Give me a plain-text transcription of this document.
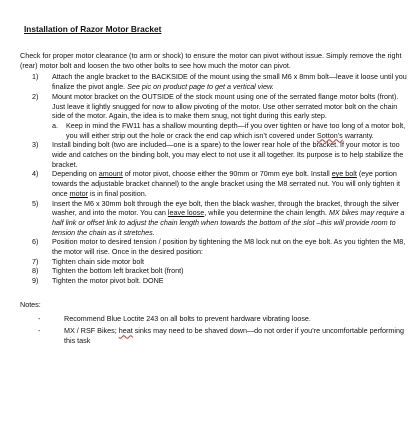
Installation of Razor Motor Bracket
Check for proper motor clearance (to arm or shock) to ensure the motor can pivot without issue. Simply remove the right (rear) motor bolt and loosen the two other bolts to see how much the motor can pivot.
1) Attach the angle bracket to the BACKSIDE of the mount using the small M6 x 8mm bolt—leave it loose until you finalize the pivot angle. See pic on product page to get a vertical view.
2) Mount motor bracket on the OUTSIDE of the stock mount using one of the serrated flange motor bolts (front). Just leave it lightly snugged for now to allow pivoting of the motor. Use other serrated motor bolt on the chain side of the motor. Again, the idea is to make them snug, not tight during this early step.
a. Keep in mind the FW11 has a shallow mounting depth—if you over tighten or have too long of a motor bolt, you will either strip out the hole or crack the end cap which isn’t covered under Sotton’s warranty.
3) Install binding bolt (two are included—one is a spare) to the lower rear hole of the bracket. If your motor is too wide and catches on the binding bolt, you may elect to not use it all together. Its purpose is to help stabilize the bracket.
4) Depending on amount of motor pivot, choose either the 90mm or 70mm eye bolt. Install eye bolt (eye portion towards the adjustable bracket channel) to the angle bracket using the M8 serrated nut. You will only tighten it once motor is in final position.
5) Insert the M6 x 30mm bolt through the eye bolt, then the black washer, through the bracket, through the silver washer, and into the motor. You can leave loose, while you determine the chain length. MX bikes may require a half link or offset link to adjust the chain length when towards the bottom of the slot –this will provide room to tension the chain as it stretches.
6) Position motor to desired tension / position by tightening the M8 lock nut on the eye bolt. As you tighten the M8, the motor will rise. Once in the desired position:
7) Tighten chain side motor bolt
8) Tighten the bottom left bracket bolt (front)
9) Tighten the motor pivot bolt. DONE
Notes:
-	Recommend Blue Loctite 243 on all bolts to prevent hardware vibrating loose.
-	MX / RSF Bikes; heat sinks may need to be shaved down—do not order if you’re uncomfortable performing this task
